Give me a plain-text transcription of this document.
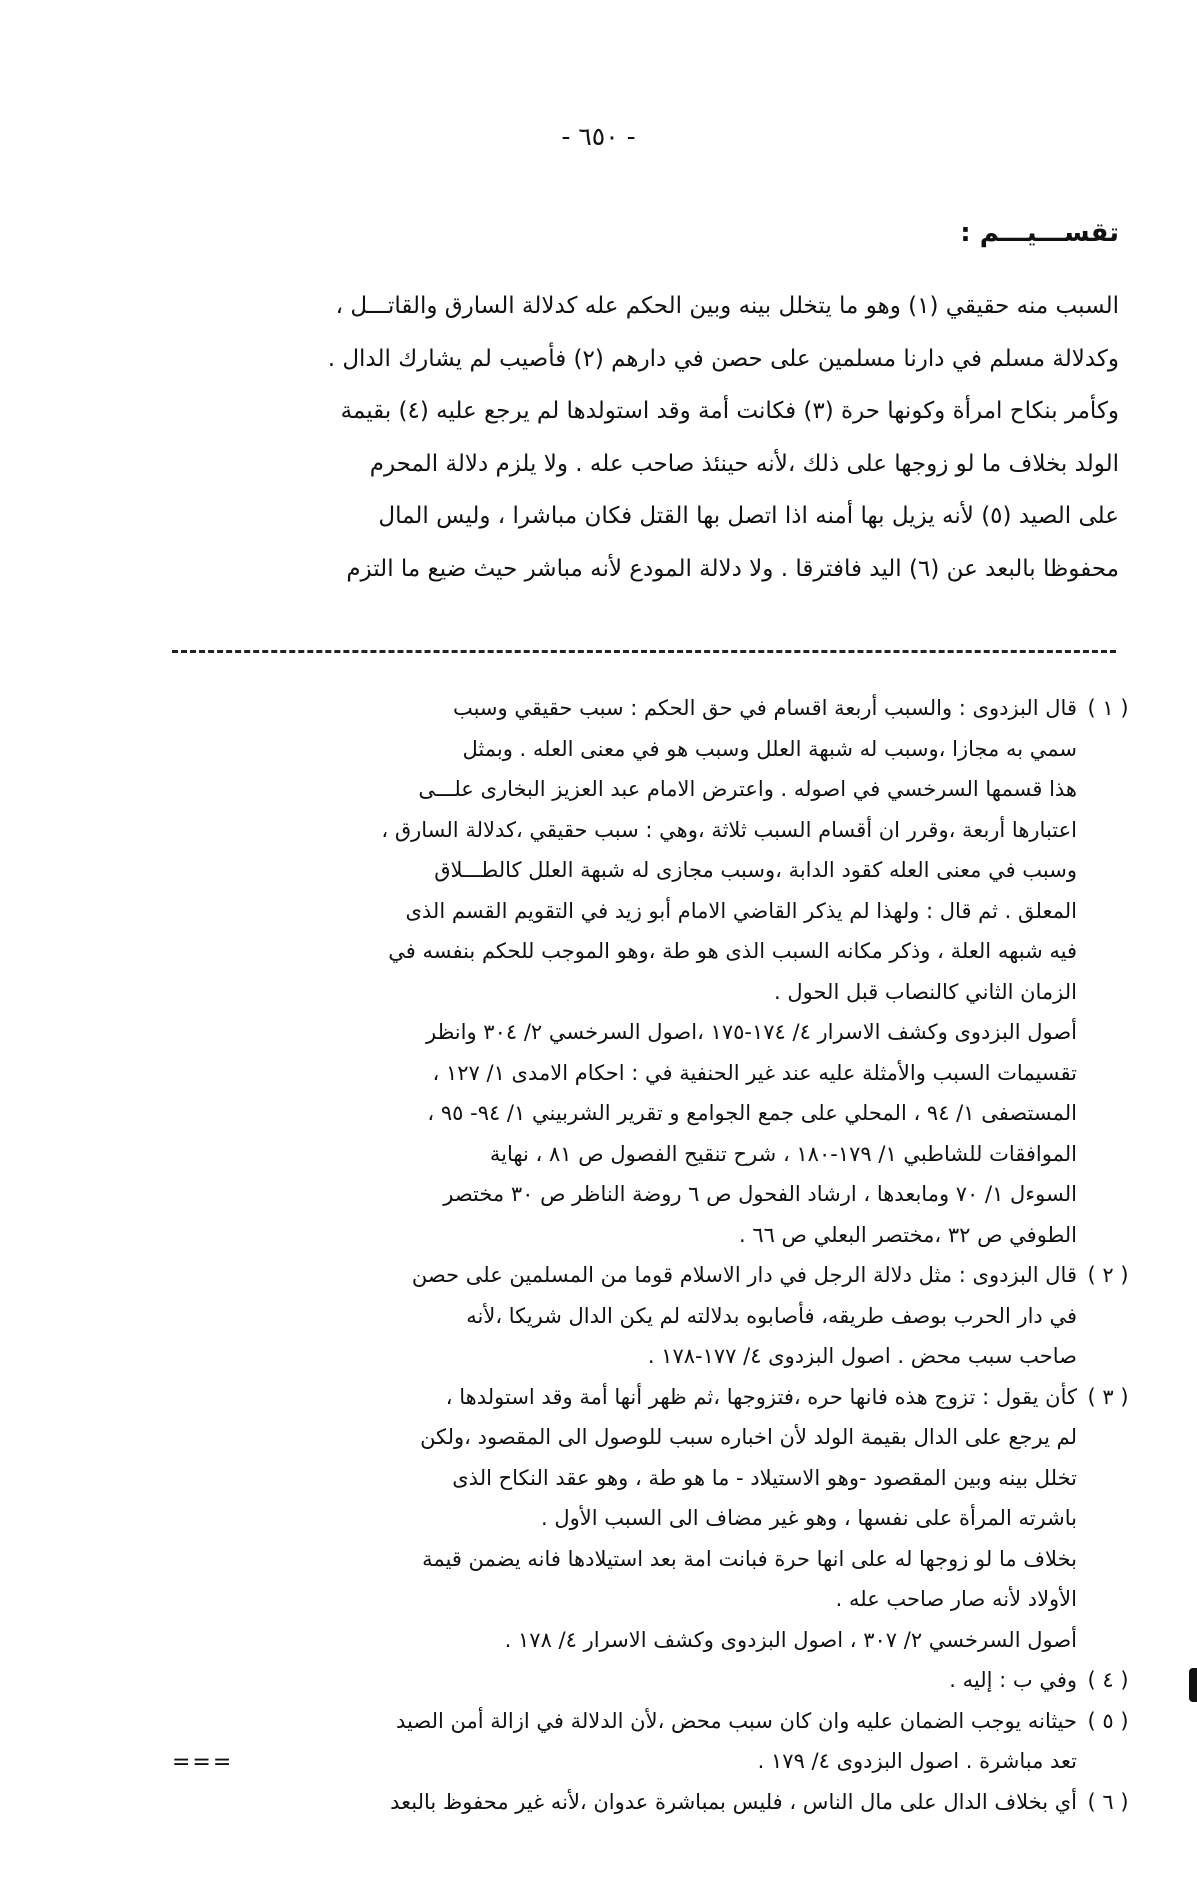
- ٦٥٠ -
تقســـيـــم :
السبب منه حقيقي (١) وهو ما يتخلل بينه وبين الحكم عله كدلالة السارق والقاتـــل ،
وكدلالة مسلم في دارنا مسلمين على حصن في دارهم (٢) فأصيب لم يشارك الدال .
وكأمر بنكاح امرأة وكونها حرة (٣) فكانت أمة وقد استولدها لم يرجع عليه (٤) بقيمة
الولد بخلاف ما لو زوجها على ذلك ،لأنه حينئذ صاحب عله . ولا يلزم دلالة المحرم
على الصيد (٥) لأنه يزيل بها أمنه اذا اتصل بها القتل فكان مباشرا ، وليس المال
محفوظا بالبعد عن (٦) اليد فافترقا . ولا دلالة المودع لأنه مباشر حيث ضيع ما التزم
( ١ )
قال البزدوى : والسبب أربعة اقسام في حق الحكم : سبب حقيقي وسبب
سمي به مجازا ،وسبب له شبهة العلل وسبب هو في معنى العله . وبمثل
هذا قسمها السرخسي في اصوله . واعترض الامام عبد العزيز البخارى علـــى
اعتبارها أربعة ،وقرر ان أقسام السبب ثلاثة ،وهي : سبب حقيقي ،كدلالة السارق ،
وسبب في معنى العله كقود الدابة ،وسبب مجازى له شبهة العلل كالطـــلاق
المعلق . ثم قال : ولهذا لم يذكر القاضي الامام أبو زيد في التقويم القسم الذى
فيه شبهه العلة ، وذكر مكانه السبب الذى هو طة ،وهو الموجب للحكم بنفسه في
الزمان الثاني كالنصاب قبل الحول .
أصول البزدوى وكشف الاسرار ٤/ ١٧٤-١٧٥ ،اصول السرخسي ٢/ ٣٠٤ وانظر
تقسيمات السبب والأمثلة عليه عند غير الحنفية في : احكام الامدى ١/ ١٢٧ ،
المستصفى ١/ ٩٤ ، المحلي على جمع الجوامع و تقرير الشربيني ١/ ٩٤- ٩٥ ،
الموافقات للشاطبي ١/ ١٧٩-١٨٠ ، شرح تنقيح الفصول ص ٨١ ، نهاية
السوءل ١/ ٧٠ ومابعدها ، ارشاد الفحول ص ٦ روضة الناظر ص ٣٠ مختصر
الطوفي ص ٣٢ ،مختصر البعلي ص ٦٦ .
( ٢ )
قال البزدوى : مثل دلالة الرجل في دار الاسلام قوما من المسلمين على حصن
في دار الحرب بوصف طريقه، فأصابوه بدلالته لم يكن الدال شريكا ،لأنه
صاحب سبب محض . اصول البزدوى ٤/ ١٧٧-١٧٨ .
( ٣ )
كأن يقول : تزوج هذه فانها حره ،فتزوجها ،ثم ظهر أنها أمة وقد استولدها ،
لم يرجع على الدال بقيمة الولد لأن اخباره سبب للوصول الى المقصود ،ولكن
تخلل بينه وبين المقصود -وهو الاستيلاد - ما هو طة ، وهو عقد النكاح الذى
باشرته المرأة على نفسها ، وهو غير مضاف الى السبب الأول .
بخلاف ما لو زوجها له على انها حرة فبانت امة بعد استيلادها فانه يضمن قيمة
الأولاد لأنه صار صاحب عله .
أصول السرخسي ٢/ ٣٠٧ ، اصول البزدوى وكشف الاسرار ٤/ ١٧٨ .
( ٤ )
وفي ب : إليه .
( ٥ )
حيثانه يوجب الضمان عليه وان كان سبب محض ،لأن الدلالة في ازالة أمن الصيد
تعد مباشرة . اصول البزدوى ٤/ ١٧٩ .
( ٦ )
أي بخلاف الدال على مال الناس ، فليس بمباشرة عدوان ،لأنه غير محفوظ بالبعد
===
